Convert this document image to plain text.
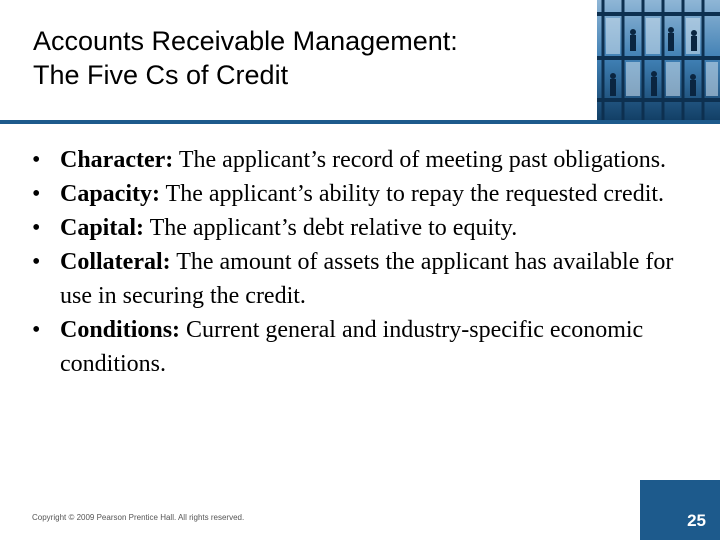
Accounts Receivable Management:
The Five Cs of Credit
• Character: The applicant’s record of meeting past obligations.
• Capacity: The applicant’s ability to repay the requested credit.
• Capital: The applicant’s debt relative to equity.
• Collateral: The amount of assets the applicant has available for use in securing the credit.
• Conditions: Current general and industry-specific economic conditions.
Copyright © 2009 Pearson Prentice Hall. All rights reserved.	25
